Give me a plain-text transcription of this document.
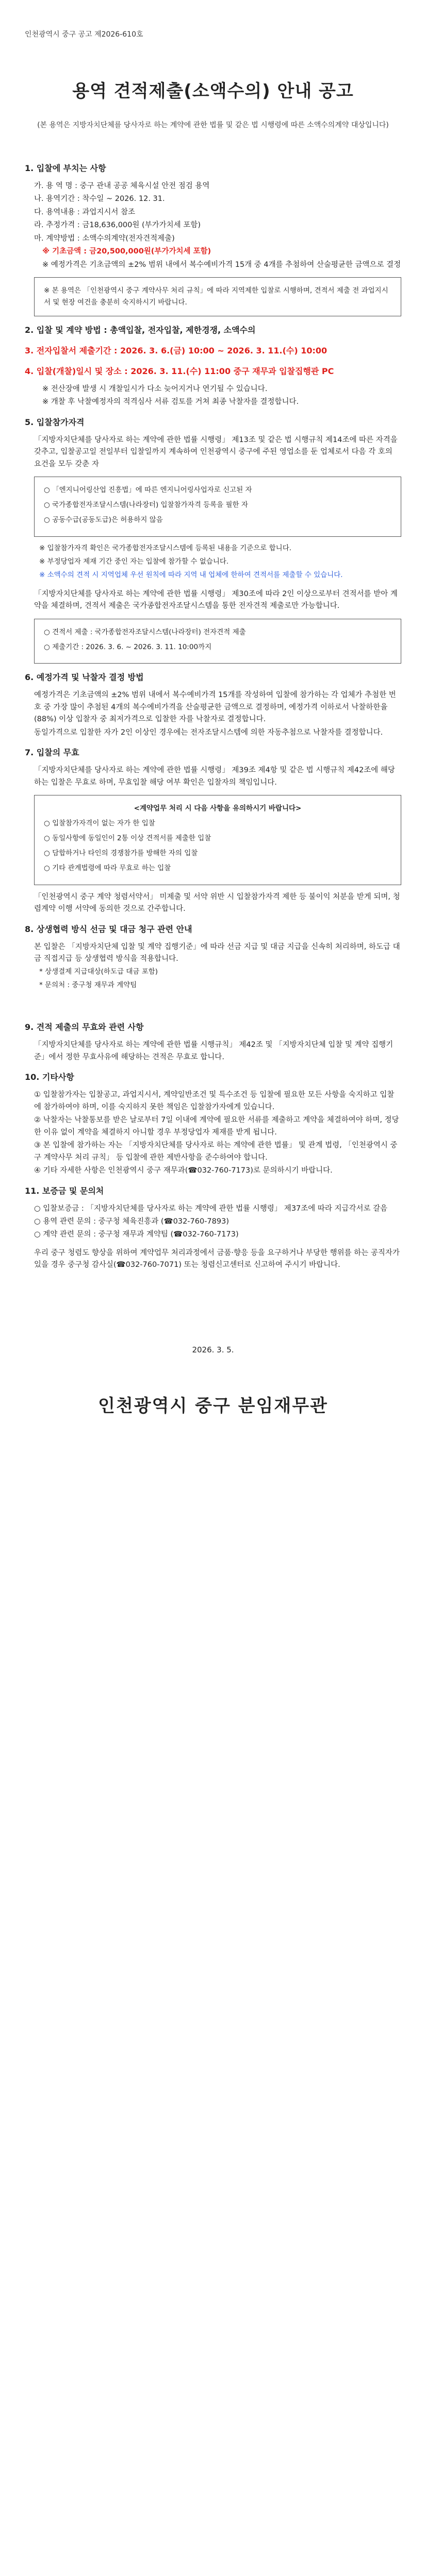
인천광역시 중구 공고 제2026-610호
용역 견적제출(소액수의) 안내 공고
(본 용역은 지방자치단체를 당사자로 하는 계약에 관한 법률 및 같은 법 시행령에 따른 소액수의계약 대상입니다)
1. 입찰에 부치는 사항
가. 용 역 명 : 중구 관내 공공 체육시설 안전 점검 용역
나. 용역기간 : 착수일 ~ 2026. 12. 31.
다. 용역내용 : 과업지시서 참조
라. 추정가격 : 금18,636,000원 (부가가치세 포함)
마. 계약방법 : 소액수의계약(전자견적제출)
※ 기초금액 : 금20,500,000원(부가가치세 포함)
※ 예정가격은 기초금액의 ±2% 범위 내에서 복수예비가격 15개 중 4개를 추첨하여 산술평균한 금액으로 결정
※ 본 용역은 「인천광역시 중구 계약사무 처리 규칙」에 따라 지역제한 입찰로 시행하며, 견적서 제출 전 과업지시서 및 현장 여건을 충분히 숙지하시기 바랍니다.
2. 입찰 및 계약 방법 : 총액입찰, 전자입찰, 제한경쟁, 소액수의
3. 전자입찰서 제출기간 : 2026. 3. 6.(금) 10:00 ~ 2026. 3. 11.(수) 10:00
4. 입찰(개찰)일시 및 장소 : 2026. 3. 11.(수) 11:00 중구 재무과 입찰집행관 PC
※ 전산장애 발생 시 개찰일시가 다소 늦어지거나 연기될 수 있습니다.
※ 개찰 후 낙찰예정자의 적격심사 서류 검토를 거쳐 최종 낙찰자를 결정합니다.
5. 입찰참가자격
「지방자치단체를 당사자로 하는 계약에 관한 법률 시행령」 제13조 및 같은 법 시행규칙 제14조에 따른 자격을 갖추고, 입찰공고일 전일부터 입찰일까지 계속하여 인천광역시 중구에 주된 영업소를 둔 업체로서 다음 각 호의 요건을 모두 갖춘 자
○ 「엔지니어링산업 진흥법」에 따른 엔지니어링사업자로 신고된 자
○ 국가종합전자조달시스템(나라장터) 입찰참가자격 등록을 필한 자
○ 공동수급(공동도급)은 허용하지 않음
※ 입찰참가자격 확인은 국가종합전자조달시스템에 등록된 내용을 기준으로 합니다.
※ 부정당업자 제재 기간 중인 자는 입찰에 참가할 수 없습니다.
※ 소액수의 견적 시 지역업체 우선 원칙에 따라 지역 내 업체에 한하여 견적서를 제출할 수 있습니다.
「지방자치단체를 당사자로 하는 계약에 관한 법률 시행령」 제30조에 따라 2인 이상으로부터 견적서를 받아 계약을 체결하며, 견적서 제출은 국가종합전자조달시스템을 통한 전자견적 제출로만 가능합니다.
○ 견적서 제출 : 국가종합전자조달시스템(나라장터) 전자견적 제출
○ 제출기간 : 2026. 3. 6. ~ 2026. 3. 11. 10:00까지
6. 예정가격 및 낙찰자 결정 방법
예정가격은 기초금액의 ±2% 범위 내에서 복수예비가격 15개를 작성하여 입찰에 참가하는 각 업체가 추첨한 번호 중 가장 많이 추첨된 4개의 복수예비가격을 산술평균한 금액으로 결정하며, 예정가격 이하로서 낙찰하한율(88%) 이상 입찰자 중 최저가격으로 입찰한 자를 낙찰자로 결정합니다.
동일가격으로 입찰한 자가 2인 이상인 경우에는 전자조달시스템에 의한 자동추첨으로 낙찰자를 결정합니다.
7. 입찰의 무효
「지방자치단체를 당사자로 하는 계약에 관한 법률 시행령」 제39조 제4항 및 같은 법 시행규칙 제42조에 해당하는 입찰은 무효로 하며, 무효입찰 해당 여부 확인은 입찰자의 책임입니다.
<계약업무 처리 시 다음 사항을 유의하시기 바랍니다>
○ 입찰참가자격이 없는 자가 한 입찰
○ 동일사항에 동일인이 2통 이상 견적서를 제출한 입찰
○ 담합하거나 타인의 경쟁참가를 방해한 자의 입찰
○ 기타 관계법령에 따라 무효로 하는 입찰
「인천광역시 중구 계약 청렴서약서」 미제출 및 서약 위반 시 입찰참가자격 제한 등 불이익 처분을 받게 되며, 청렴계약 이행 서약에 동의한 것으로 간주합니다.
8. 상생협력 방식 선금 및 대금 청구 관련 안내
본 입찰은 「지방자치단체 입찰 및 계약 집행기준」에 따라 선금 지급 및 대금 지급을 신속히 처리하며, 하도급 대금 직접지급 등 상생협력 방식을 적용합니다.
* 상생결제 지급대상(하도급 대금 포함)
* 문의처 : 중구청 재무과 계약팀
9. 견적 제출의 무효와 관련 사항
「지방자치단체를 당사자로 하는 계약에 관한 법률 시행규칙」 제42조 및 「지방자치단체 입찰 및 계약 집행기준」에서 정한 무효사유에 해당하는 견적은 무효로 합니다.
10. 기타사항
① 입찰참가자는 입찰공고, 과업지시서, 계약일반조건 및 특수조건 등 입찰에 필요한 모든 사항을 숙지하고 입찰에 참가하여야 하며, 이를 숙지하지 못한 책임은 입찰참가자에게 있습니다.
② 낙찰자는 낙찰통보를 받은 날로부터 7일 이내에 계약에 필요한 서류를 제출하고 계약을 체결하여야 하며, 정당한 이유 없이 계약을 체결하지 아니할 경우 부정당업자 제재를 받게 됩니다.
③ 본 입찰에 참가하는 자는 「지방자치단체를 당사자로 하는 계약에 관한 법률」 및 관계 법령, 「인천광역시 중구 계약사무 처리 규칙」 등 입찰에 관한 제반사항을 준수하여야 합니다.
④ 기타 자세한 사항은 인천광역시 중구 재무과(☎032-760-7173)로 문의하시기 바랍니다.
11. 보증금 및 문의처
○ 입찰보증금 : 「지방자치단체를 당사자로 하는 계약에 관한 법률 시행령」 제37조에 따라 지급각서로 갈음
○ 용역 관련 문의 : 중구청 체육진흥과 (☎032-760-7893)
○ 계약 관련 문의 : 중구청 재무과 계약팀 (☎032-760-7173)
우리 중구 청렴도 향상을 위하여 계약업무 처리과정에서 금품·향응 등을 요구하거나 부당한 행위를 하는 공직자가 있을 경우 중구청 감사실(☎032-760-7071) 또는 청렴신고센터로 신고하여 주시기 바랍니다.
2026. 3. 5.
인천광역시 중구 분임재무관
